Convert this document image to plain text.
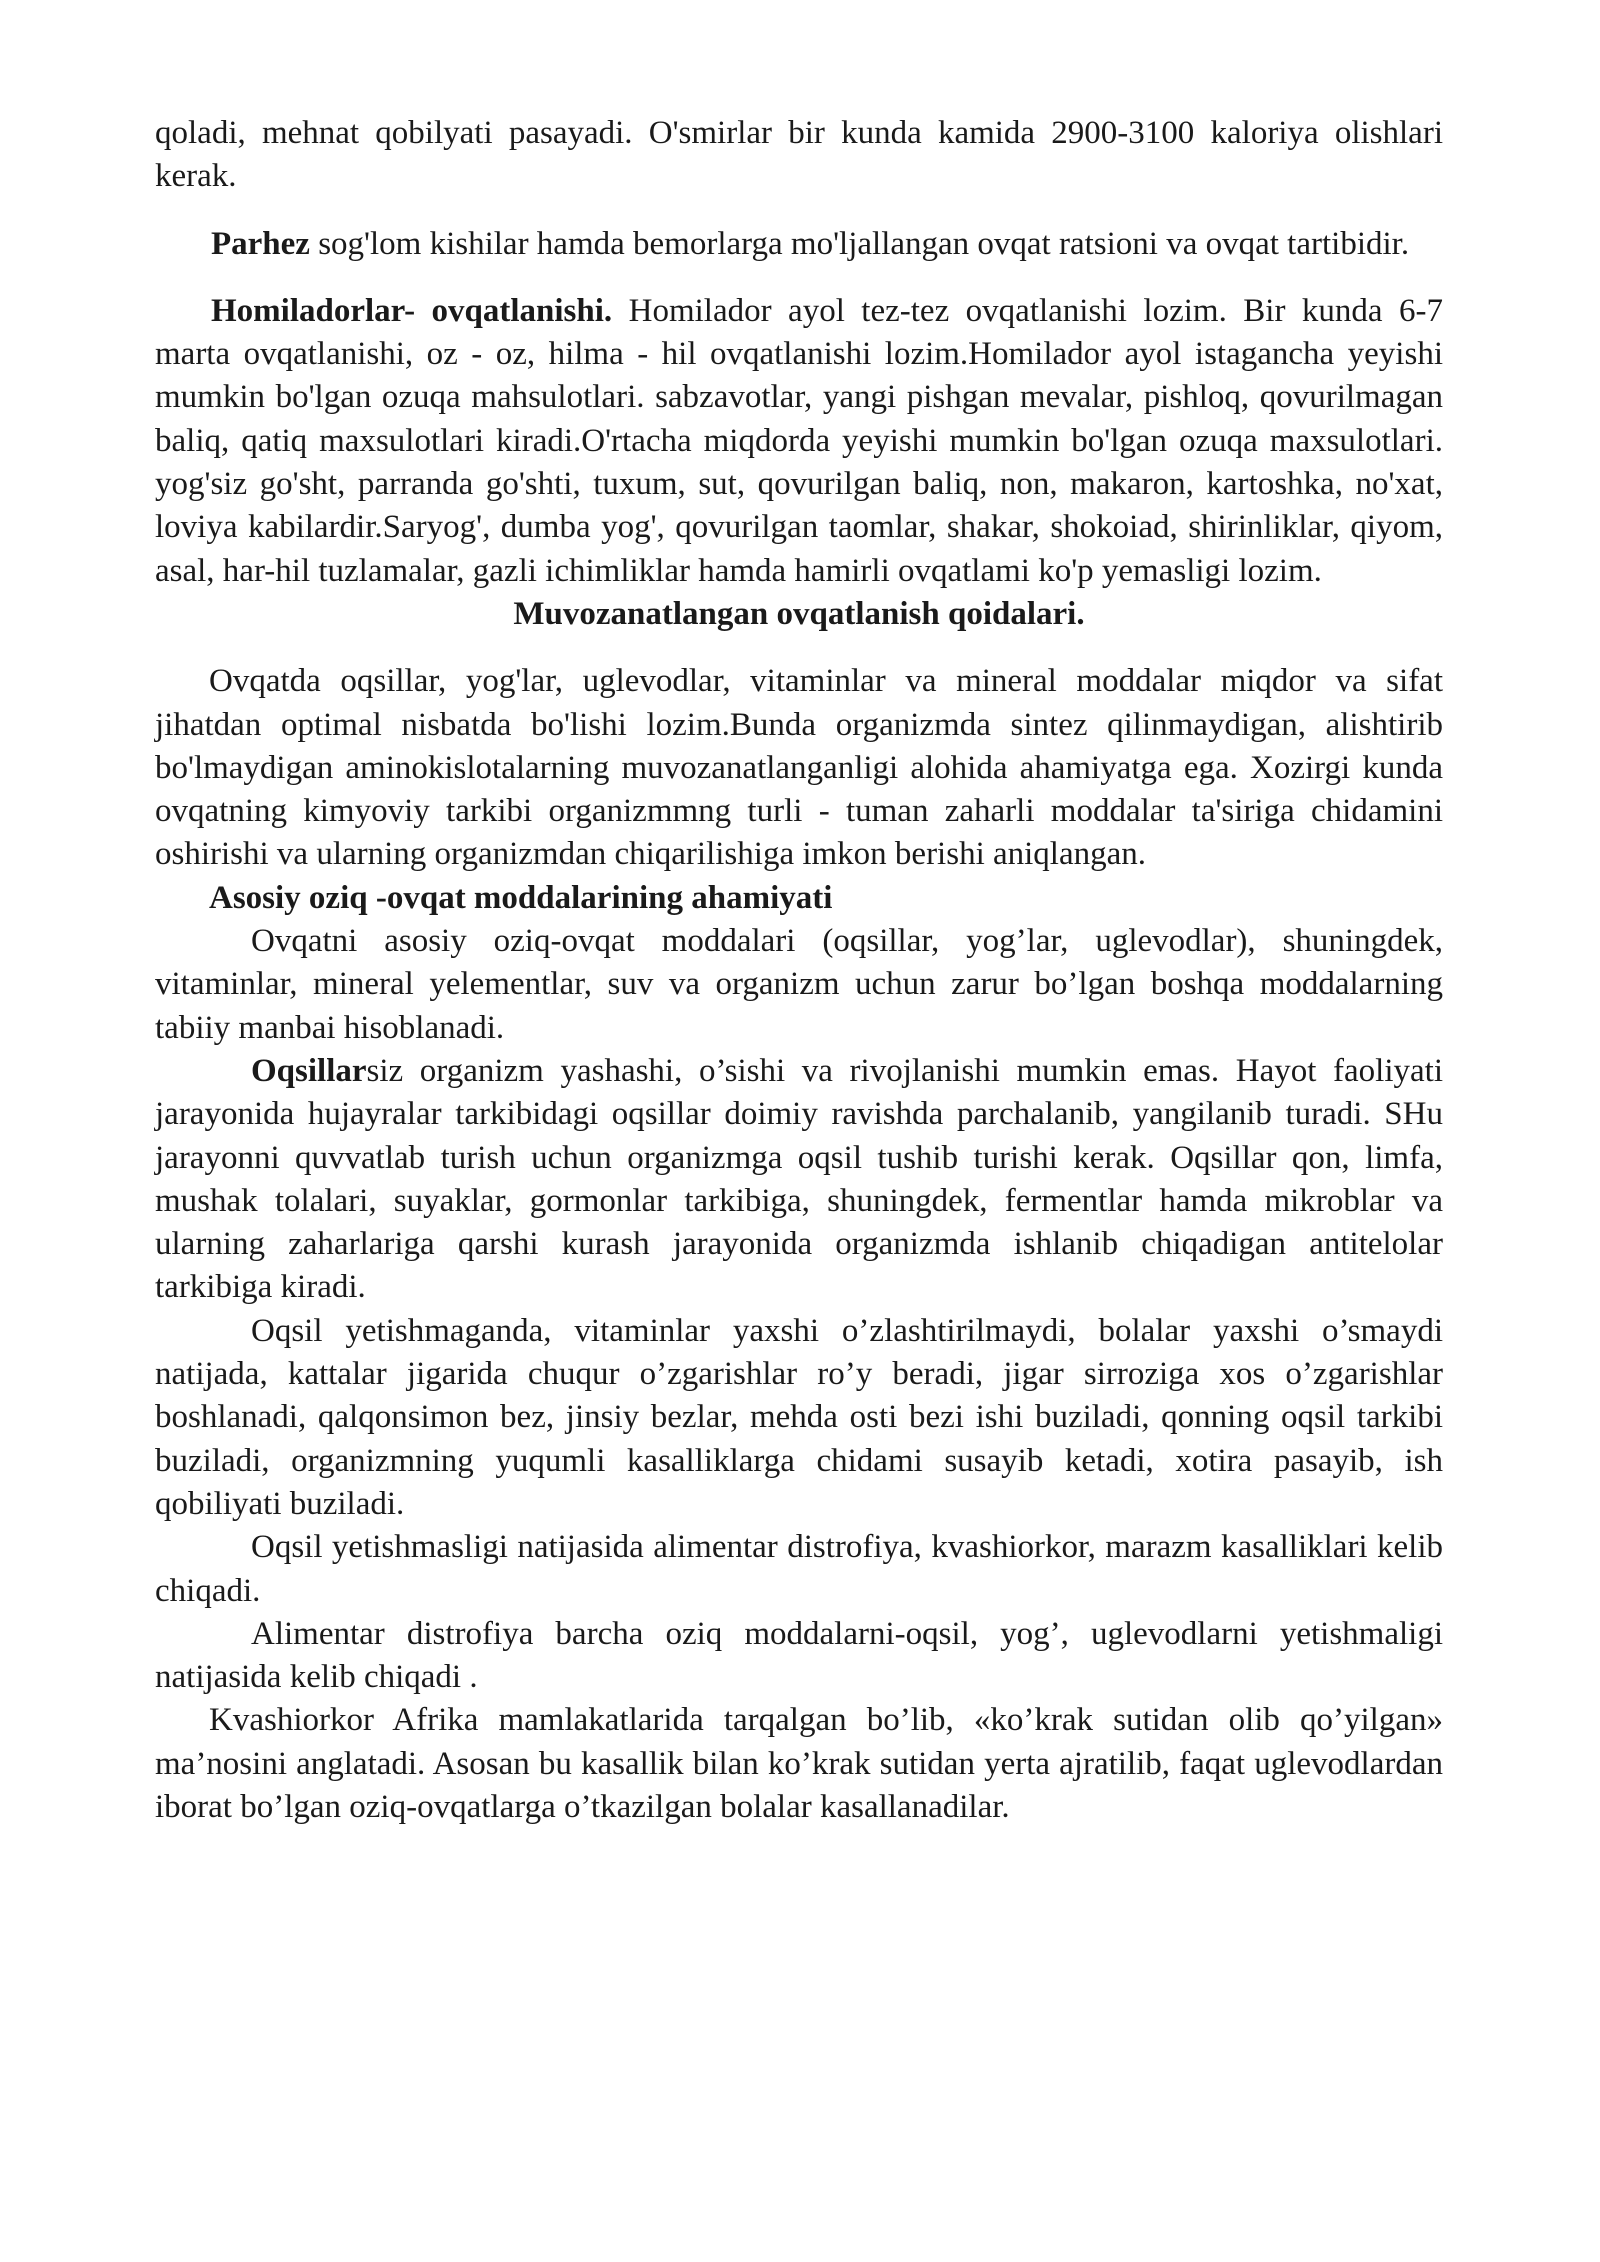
qoladi, mehnat qobilyati pasayadi. O'smirlar bir kunda kamida 2900-3100 kaloriya olishlari kerak.

Parhez sog'lom kishilar hamda bemorlarga mo'ljallangan ovqat ratsioni va ovqat tartibidir.

Homiladorlar- ovqatlanishi. Homilador ayol tez-tez ovqatlanishi lozim. Bir kunda 6-7 marta ovqatlanishi, oz - oz, hilma - hil ovqatlanishi lozim.Homilador ayol istagancha yeyishi mumkin bo'lgan ozuqa mahsulotlari. sabzavotlar, yangi pishgan mevalar, pishloq, qovurilmagan baliq, qatiq maxsulotlari kiradi.O'rtacha miqdorda yeyishi mumkin bo'lgan ozuqa maxsulotlari. yog'siz go'sht, parranda go'shti, tuxum, sut, qovurilgan baliq, non, makaron, kartoshka, no'xat, loviya kabilardir.Saryog', dumba yog', qovurilgan taomlar, shakar, shokoiad, shirinliklar, qiyom, asal, har-hil tuzlamalar, gazli ichimliklar hamda hamirli ovqatlami ko'p yemasligi lozim.

Muvozanatlangan ovqatlanish qoidalari.

Ovqatda oqsillar, yog'lar, uglevodlar, vitaminlar va mineral moddalar miqdor va sifat jihatdan optimal nisbatda bo'lishi lozim.Bunda organizmda sintez qilinmaydigan, alishtirib bo'lmaydigan aminokislotalarning muvozanatlanganligi alohida ahamiyatga ega. Xozirgi kunda ovqatning kimyoviy tarkibi organizmmng turli - tuman zaharli moddalar ta'siriga chidamini oshirishi va ularning organizmdan chiqarilishiga imkon berishi aniqlangan.

Asosiy oziq -ovqat moddalarining ahamiyati

Ovqatni asosiy oziq-ovqat moddalari (oqsillar, yog’lar, uglevodlar), shuningdek, vitaminlar, mineral yelementlar, suv va organizm uchun zarur bo’lgan boshqa moddalarning tabiiy manbai hisoblanadi.

Oqsillarsiz organizm yashashi, o’sishi va rivojlanishi mumkin emas. Hayot faoliyati jarayonida hujayralar tarkibidagi oqsillar doimiy ravishda parchalanib, yangilanib turadi. SHu jarayonni quvvatlab turish uchun organizmga oqsil tushib turishi kerak. Oqsillar qon, limfa, mushak tolalari, suyaklar, gormonlar tarkibiga, shuningdek, fermentlar hamda mikroblar va ularning zaharlariga qarshi kurash jarayonida organizmda ishlanib chiqadigan antitelolar tarkibiga kiradi.

Oqsil yetishmaganda, vitaminlar yaxshi o’zlashtirilmaydi, bolalar yaxshi o’smaydi natijada, kattalar jigarida chuqur o’zgarishlar ro’y beradi, jigar sirroziga xos o’zgarishlar boshlanadi, qalqonsimon bez, jinsiy bezlar, mehda osti bezi ishi buziladi, qonning oqsil tarkibi buziladi, organizmning yuqumli kasalliklarga chidami susayib ketadi, xotira pasayib, ish qobiliyati buziladi.

Oqsil yetishmasligi natijasida alimentar distrofiya, kvashiorkor, marazm kasalliklari kelib chiqadi.

Alimentar distrofiya barcha oziq moddalarni-oqsil, yog’, uglevodlarni yetishmaligi natijasida kelib chiqadi .

Kvashiorkor Afrika mamlakatlarida tarqalgan bo’lib, «ko’krak sutidan olib qo’yilgan» ma’nosini anglatadi. Asosan bu kasallik bilan ko’krak sutidan yerta ajratilib, faqat uglevodlardan iborat bo’lgan oziq-ovqatlarga o’tkazilgan bolalar kasallanadilar.
